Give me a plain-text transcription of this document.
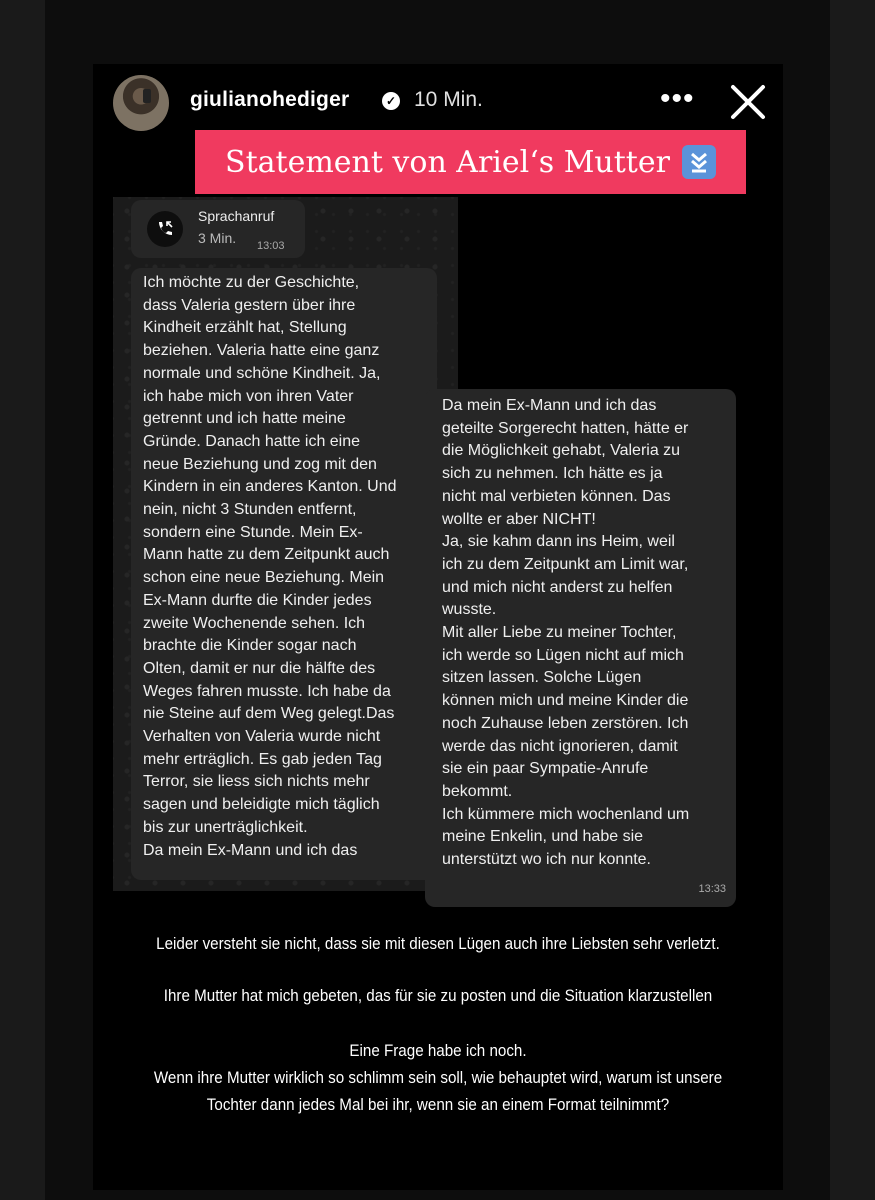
giulianohediger	✓ 10 Min.	•••
Statement von Ariel‘s Mutter
Sprachanruf
3 Min. 13:03
Ich möchte zu der Geschichte,
dass Valeria gestern über ihre
Kindheit erzählt hat, Stellung
beziehen. Valeria hatte eine ganz
normale und schöne Kindheit. Ja,
ich habe mich von ihren Vater
getrennt und ich hatte meine
Gründe. Danach hatte ich eine
neue Beziehung und zog mit den
Kindern in ein anderes Kanton. Und
nein, nicht 3 Stunden entfernt,
sondern eine Stunde. Mein Ex-
Mann hatte zu dem Zeitpunkt auch
schon eine neue Beziehung. Mein
Ex-Mann durfte die Kinder jedes
zweite Wochenende sehen. Ich
brachte die Kinder sogar nach
Olten, damit er nur die hälfte des
Weges fahren musste. Ich habe da
nie Steine auf dem Weg gelegt.Das
Verhalten von Valeria wurde nicht
mehr erträglich. Es gab jeden Tag
Terror, sie liess sich nichts mehr
sagen und beleidigte mich täglich
bis zur unerträglichkeit.
Da mein Ex-Mann und ich das
Da mein Ex-Mann und ich das
geteilte Sorgerecht hatten, hätte er
die Möglichkeit gehabt, Valeria zu
sich zu nehmen. Ich hätte es ja
nicht mal verbieten können. Das
wollte er aber NICHT!
Ja, sie kahm dann ins Heim, weil
ich zu dem Zeitpunkt am Limit war,
und mich nicht anderst zu helfen
wusste.
Mit aller Liebe zu meiner Tochter,
ich werde so Lügen nicht auf mich
sitzen lassen. Solche Lügen
können mich und meine Kinder die
noch Zuhause leben zerstören. Ich
werde das nicht ignorieren, damit
sie ein paar Sympatie-Anrufe
bekommt.
Ich kümmere mich wochenland um
meine Enkelin, und habe sie
unterstützt wo ich nur konnte.
13:33
Leider versteht sie nicht, dass sie mit diesen Lügen auch ihre Liebsten sehr verletzt.
Ihre Mutter hat mich gebeten, das für sie zu posten und die Situation klarzustellen
Eine Frage habe ich noch.
Wenn ihre Mutter wirklich so schlimm sein soll, wie behauptet wird, warum ist unsere
Tochter dann jedes Mal bei ihr, wenn sie an einem Format teilnimmt?
